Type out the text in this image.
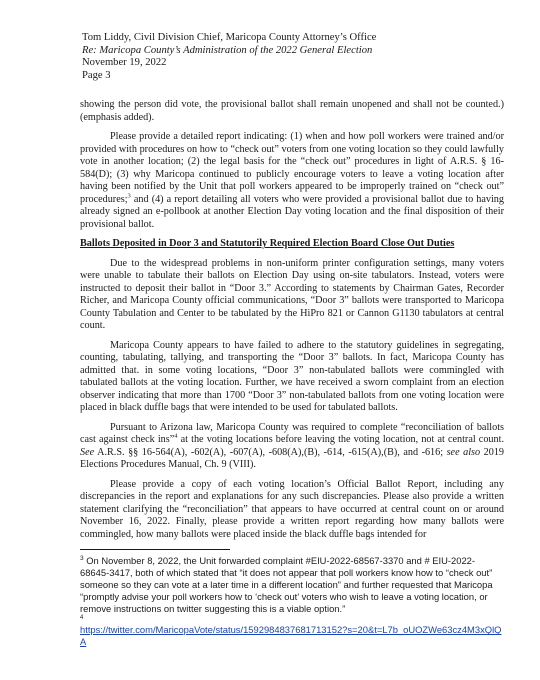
Tom Liddy, Civil Division Chief, Maricopa County Attorney’s Office
Re: Maricopa County’s Administration of the 2022 General Election
November 19, 2022
Page 3

showing the person did vote, the provisional ballot shall remain unopened and shall not be counted.) (emphasis added).

Please provide a detailed report indicating: (1) when and how poll workers were trained and/or provided with procedures on how to “check out” voters from one voting location so they could lawfully vote in another location; (2) the legal basis for the “check out” procedures in light of A.R.S. § 16-584(D); (3) why Maricopa continued to publicly encourage voters to leave a voting location after having been notified by the Unit that poll workers appeared to be improperly trained on “check out” procedures;$^3$ and (4) a report detailing all voters who were provided a provisional ballot due to having already signed an e-pollbook at another Election Day voting location and the final disposition of their provisional ballot.

Ballots Deposited in Door 3 and Statutorily Required Election Board Close Out Duties

Due to the widespread problems in non-uniform printer configuration settings, many voters were unable to tabulate their ballots on Election Day using on-site tabulators. Instead, voters were instructed to deposit their ballot in “Door 3.” According to statements by Chairman Gates, Recorder Richer, and Maricopa County official communications, “Door 3” ballots were transported to Maricopa County Tabulation and Center to be tabulated by the HiPro 821 or Cannon G1130 tabulators at central count.

Maricopa County appears to have failed to adhere to the statutory guidelines in segregating, counting, tabulating, tallying, and transporting the “Door 3” ballots. In fact, Maricopa County has admitted that. in some voting locations, “Door 3” non-tabulated ballots were commingled with tabulated ballots at the voting location. Further, we have received a sworn complaint from an election observer indicating that more than 1700 “Door 3” non-tabulated ballots from one voting location were placed in black duffle bags that were intended to be used for tabulated ballots.

Pursuant to Arizona law, Maricopa County was required to complete “reconciliation of ballots cast against check ins”$^4$ at the voting locations before leaving the voting location, not at central count. See A.R.S. §§ 16-564(A), -602(A), -607(A), -608(A),(B), -614, -615(A),(B), and -616; see also 2019 Elections Procedures Manual, Ch. 9 (VIII).

Please provide a copy of each voting location’s Official Ballot Report, including any discrepancies in the report and explanations for any such discrepancies. Please also provide a written statement clarifying the “reconciliation” that appears to have occurred at central count on or around November 16, 2022. Finally, please provide a written report regarding how many ballots were commingled, how many ballots were placed inside the black duffle bags intended for

$^3$ On November 8, 2022, the Unit forwarded complaint #EIU-2022-68567-3370 and # EIU-2022-68645-3417, both of which stated that “it does not appear that poll workers know how to “check out” someone so they can vote at a later time in a different location” and further requested that Maricopa “promptly advise your poll workers how to ‘check out’ voters who wish to leave a voting location, or remove instructions on twitter suggesting this is a viable option.”

4

https://twitter.com/MaricopaVote/status/1592984837681713152?s=20&t=L7b_oUOZWe63cz4M3xQlQA
